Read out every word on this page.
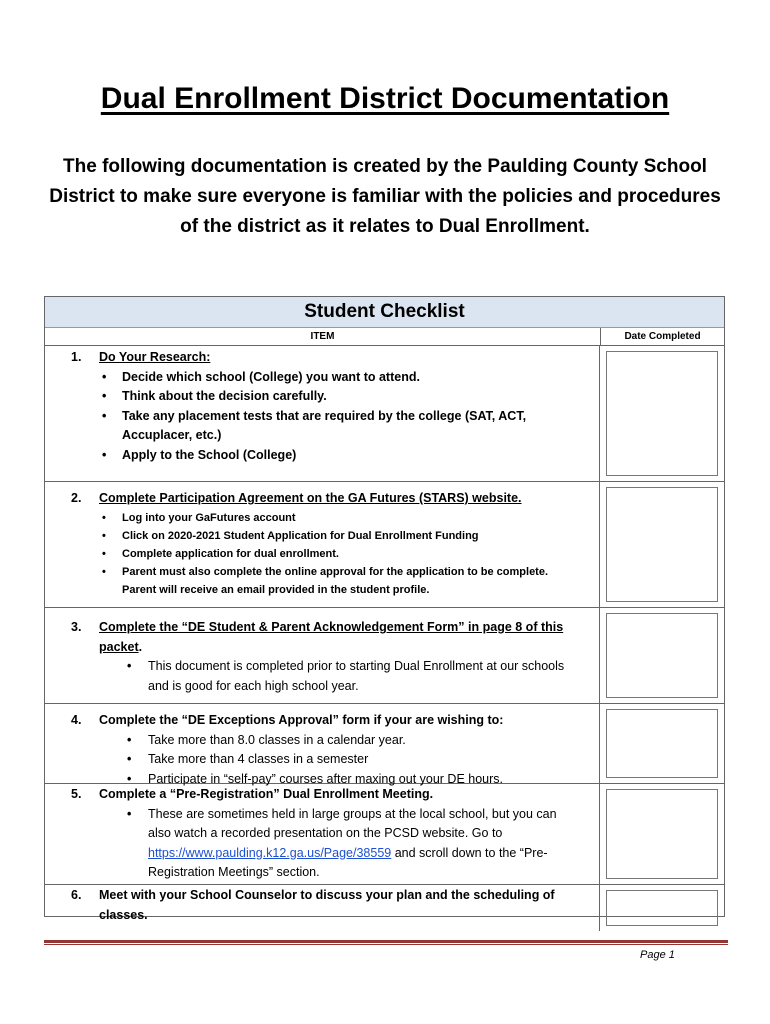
Dual Enrollment District Documentation
The following documentation is created by the Paulding County School District to make sure everyone is familiar with the policies and procedures of the district as it relates to Dual Enrollment.
Student Checklist
ITEM	Date Completed
1.	Do Your Research:
• Decide which school (College) you want to attend.
• Think about the decision carefully.
• Take any placement tests that are required by the college (SAT, ACT, Accuplacer, etc.)
• Apply to the School (College)
2.	Complete Participation Agreement on the GA Futures (STARS) website.
• Log into your GaFutures account
• Click on 2020-2021 Student Application for Dual Enrollment Funding
• Complete application for dual enrollment.
• Parent must also complete the online approval for the application to be complete. Parent will receive an email provided in the student profile.
3.	Complete the “DE Student & Parent Acknowledgement Form” in page 8 of this packet.
• This document is completed prior to starting Dual Enrollment at our schools and is good for each high school year.
4.	Complete the “DE Exceptions Approval” form if your are wishing to:
• Take more than 8.0 classes in a calendar year.
• Take more than 4 classes in a semester
• Participate in “self-pay” courses after maxing out your DE hours.
5.	Complete a “Pre-Registration” Dual Enrollment Meeting.
• These are sometimes held in large groups at the local school, but you can also watch a recorded presentation on the PCSD website. Go to https://www.paulding.k12.ga.us/Page/38559 and scroll down to the “Pre-Registration Meetings” section.
6.	Meet with your School Counselor to discuss your plan and the scheduling of classes.
Page 1
